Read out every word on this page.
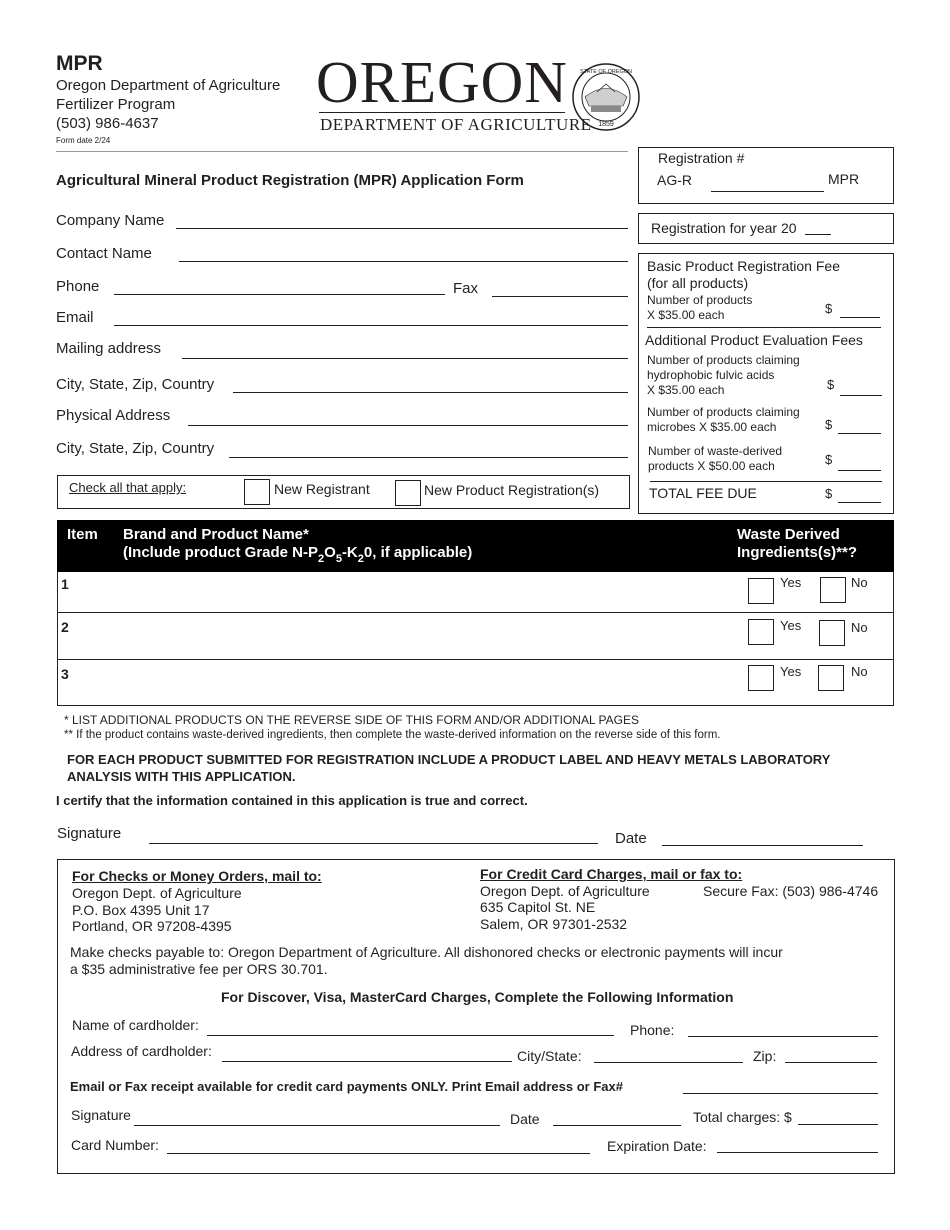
MPR
Oregon Department of Agriculture
Fertilizer Program
(503) 986-4637
Form date 2/24
OREGON
DEPARTMENT OF AGRICULTURE 1859
STATE OF OREGON
Agricultural Mineral Product Registration (MPR) Application Form
Registration #
AG-R	MPR
Registration for year 20
Basic Product Registration Fee
(for all products)
Number of products
X $35.00 each	$
Additional Product Evaluation Fees
Number of products claiming
hydrophobic fulvic acids
X $35.00 each	$
Number of products claiming
microbes X $35.00 each	$
Number of waste-derived
products X $50.00 each	$
TOTAL FEE DUE	$
Company Name
Contact Name
Phone	Fax
Email
Mailing address
City, State, Zip, Country
Physical Address
City, State, Zip, Country
Check all that apply:	New Registrant	New Product Registration(s)
Item Brand and Product Name*
(Include product Grade $N-P_2O_5-K_20$, if applicable)
Waste Derived
Ingredients(s)**?
1	Yes	No
2	Yes	No
3	Yes	No
* LIST ADDITIONAL PRODUCTS ON THE REVERSE SIDE OF THIS FORM AND/OR ADDITIONAL PAGES
** If the product contains waste-derived ingredients, then complete the waste-derived information on the reverse side of this form.
FOR EACH PRODUCT SUBMITTED FOR REGISTRATION INCLUDE A PRODUCT LABEL AND HEAVY METALS LABORATORY
ANALYSIS WITH THIS APPLICATION.
I certify that the information contained in this application is true and correct.
Signature	Date
For Checks or Money Orders, mail to:
Oregon Dept. of Agriculture
P.O. Box 4395 Unit 17
Portland, OR 97208-4395
For Credit Card Charges, mail or fax to:
Oregon Dept. of Agriculture
635 Capitol St. NE
Salem, OR 97301-2532
Secure Fax: (503) 986-4746
Make checks payable to: Oregon Department of Agriculture. All dishonored checks or electronic payments will incur
a $35 administrative fee per ORS 30.701.
For Discover, Visa, MasterCard Charges, Complete the Following Information
Name of cardholder:	Phone:
Address of cardholder:	City/State:	Zip:
Email or Fax receipt available for credit card payments ONLY. Print Email address or Fax#
Signature	Date	Total charges: $
Card Number:	Expiration Date:
